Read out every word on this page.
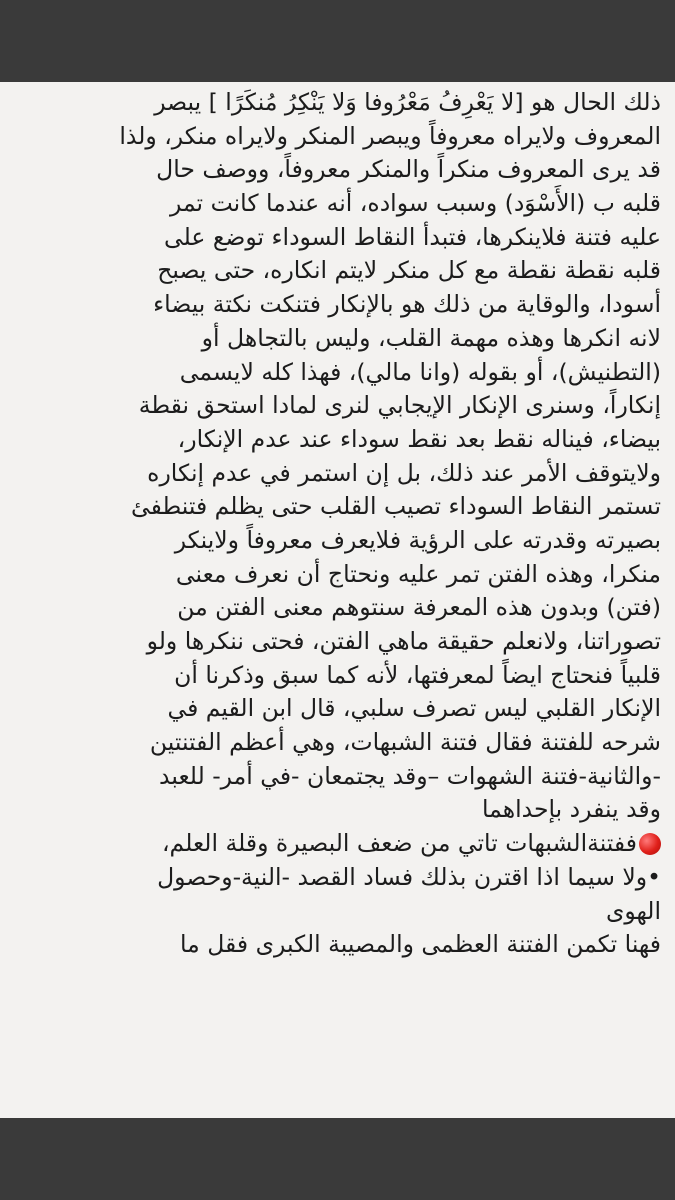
ذلك الحال هو [لا يَعْرِفُ مَعْرُوفا وَلا يَنْكِرُ مُنكَرًا ] يبصر
المعروف ولايراه معروفاً ويبصر المنكر ولايراه منكر، ولذا
قد يرى المعروف منكراً والمنكر معروفاً، ووصف حال
قلبه ب (الأَسْوَد) وسبب سواده، أنه عندما كانت تمر
عليه فتنة فلاينكرها، فتبدأ النقاط السوداء توضع على
قلبه نقطة نقطة مع كل منكر لايتم انكاره، حتى يصبح
أسودا، والوقاية من ذلك هو بالإنكار فتنكت نكتة بيضاء
لانه انكرها وهذه مهمة القلب، وليس بالتجاهل أو
(التطنيش)، أو بقوله (وانا مالي)، فهذا كله لايسمى
إنكاراً، وسنرى الإنكار الإيجابي لنرى لمادا استحق نقطة
بيضاء، فيناله نقط بعد نقط سوداء عند عدم الإنكار،
ولايتوقف الأمر عند ذلك، بل إن استمر في عدم إنكاره
تستمر النقاط السوداء تصيب القلب حتى يظلم فتنطفئ
بصيرته وقدرته على الرؤية فلايعرف معروفاً ولاينكر
منكرا، وهذه الفتن تمر عليه ونحتاج أن نعرف معنى
(فتن) وبدون هذه المعرفة سنتوهم معنى الفتن من
تصوراتنا، ولانعلم حقيقة ماهي الفتن، فحتى ننكرها ولو
قلبياً فنحتاج ايضاً لمعرفتها، لأنه كما سبق وذكرنا أن
الإنكار القلبي ليس تصرف سلبي، قال ابن القيم في
شرحه للفتنة فقال فتنة الشبهات، وهي أعظم الفتنتين
-والثانية-فتنة الشهوات –وقد يجتمعان -في أمر- للعبد
وقد ينفرد بإحداهما
ففتنةالشبهات تاتي من ضعف البصيرة وقلة العلم،
•ولا سيما اذا اقترن بذلك فساد القصد -النية-وحصول
الهوى
فهنا تكمن الفتنة العظمى والمصيبة الكبرى فقل ما
